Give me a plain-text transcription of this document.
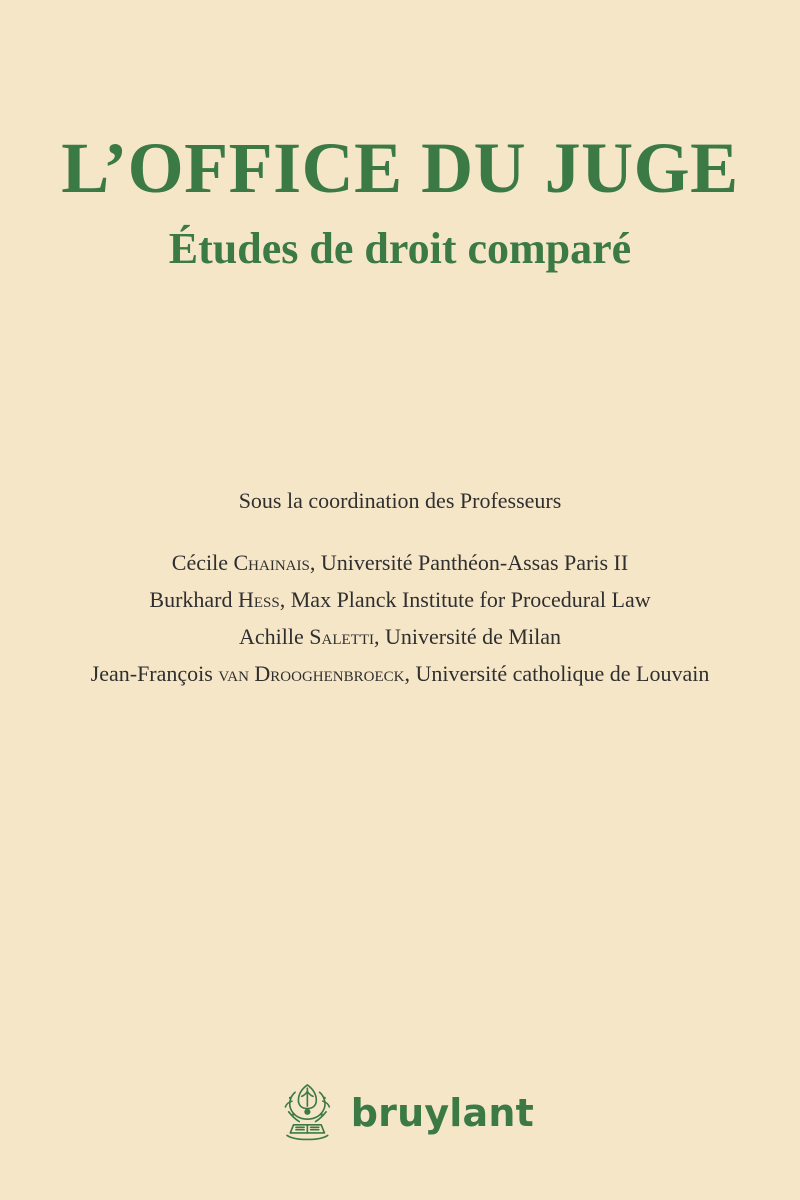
L’OFFICE DU JUGE
Études de droit comparé
Sous la coordination des Professeurs
Cécile Chainais, Université Panthéon-Assas Paris II
Burkhard Hess, Max Planck Institute for Procedural Law
Achille Saletti, Université de Milan
Jean-François van Drooghenbroeck, Université catholique de Louvain
bruylant
